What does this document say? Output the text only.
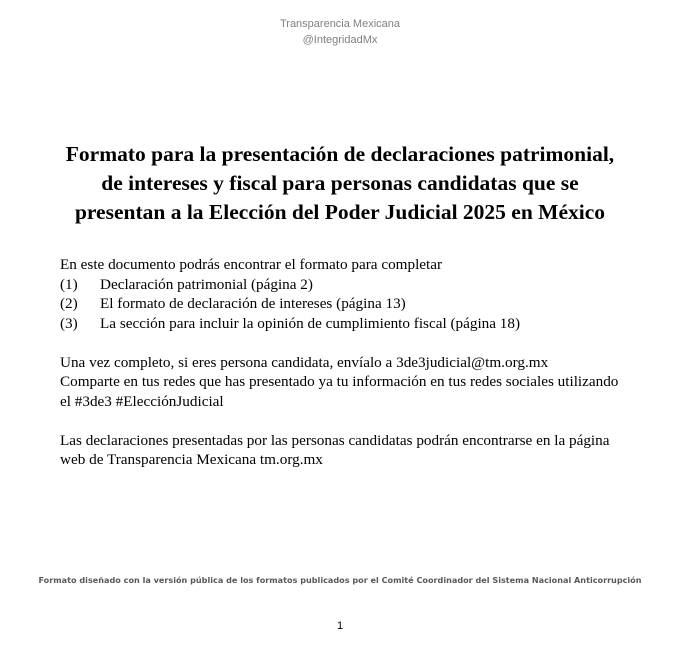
Transparencia Mexicana
@IntegridadMx
Formato para la presentación de declaraciones patrimonial,
de intereses y fiscal para personas candidatas que se
presentan a la Elección del Poder Judicial 2025 en México
En este documento podrás encontrar el formato para completar
(1)	Declaración patrimonial (página 2)
(2)	El formato de declaración de intereses (página 13)
(3)	La sección para incluir la opinión de cumplimiento fiscal (página 18)
Una vez completo, si eres persona candidata, envíalo a 3de3judicial@tm.org.mx
Comparte en tus redes que has presentado ya tu información en tus redes sociales utilizando
el #3de3 #ElecciónJudicial
Las declaraciones presentadas por las personas candidatas podrán encontrarse en la página
web de Transparencia Mexicana tm.org.mx
Formato diseñado con la versión pública de los formatos publicados por el Comité Coordinador del Sistema Nacional Anticorrupción
1
